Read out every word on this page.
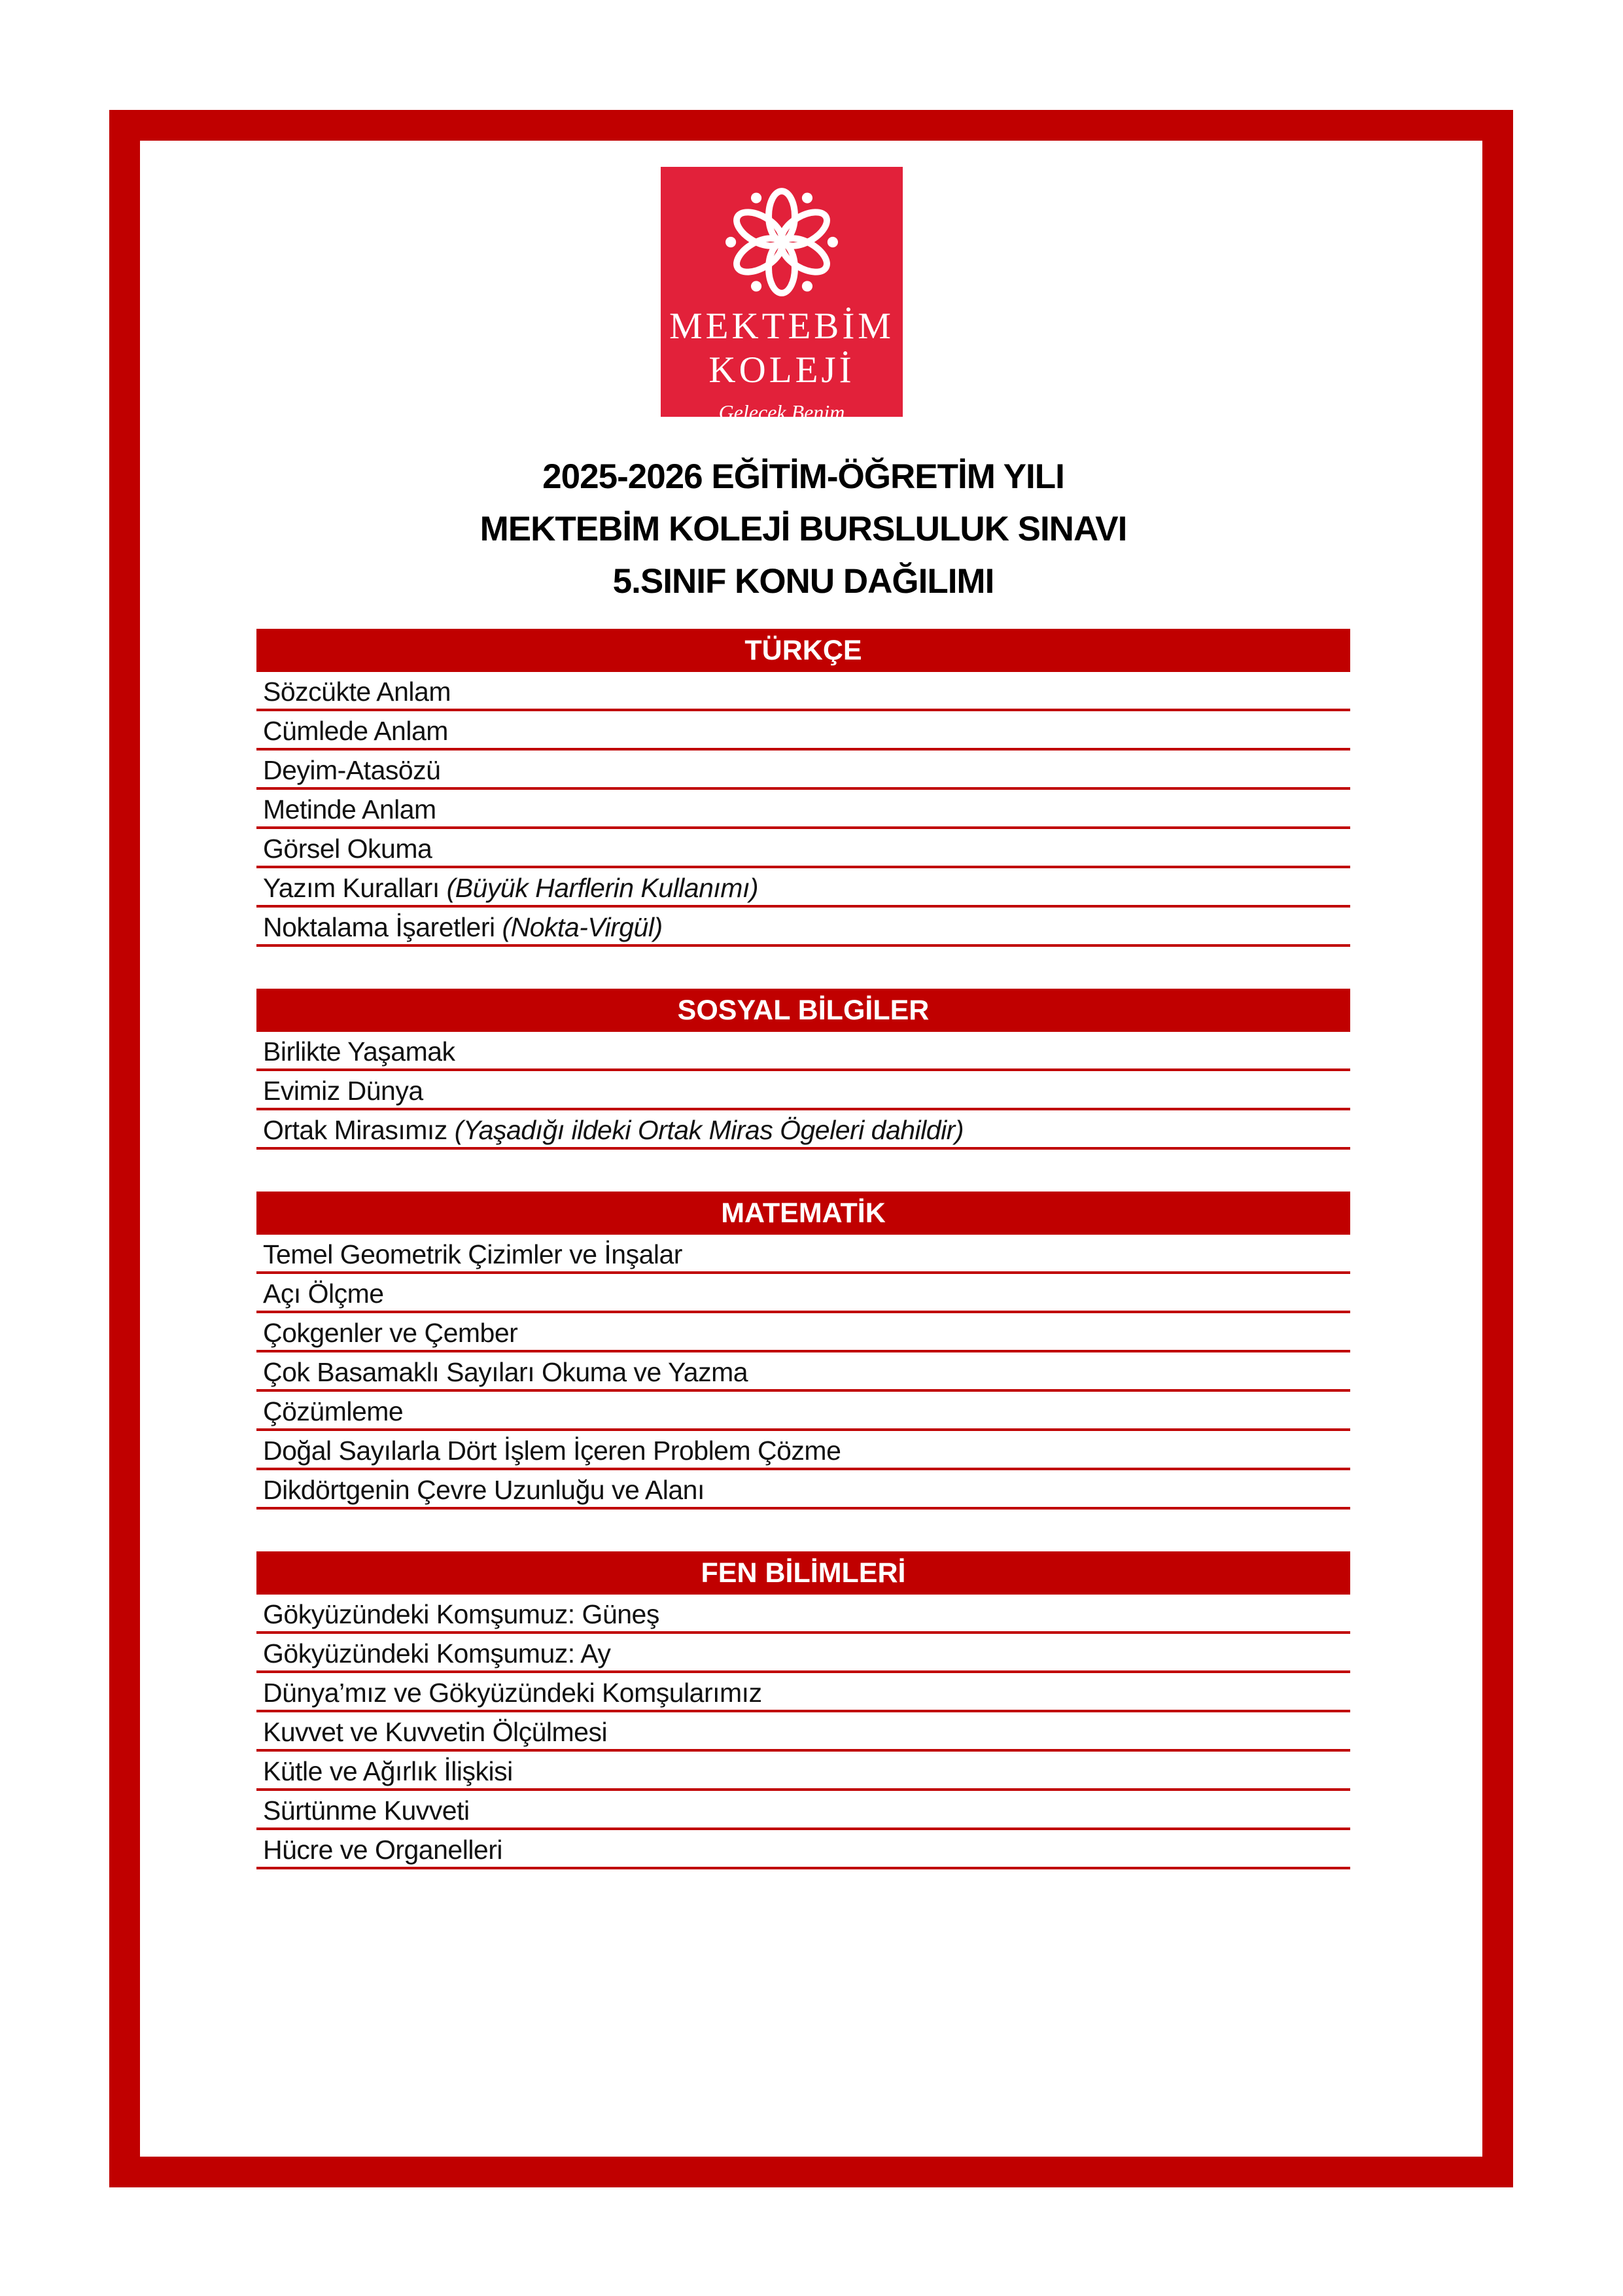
MEKTEBİM
KOLEJİ
Gelecek Benim
2025-2026 EĞİTİM-ÖĞRETİM YILI
MEKTEBİM KOLEJİ BURSLULUK SINAVI
5.SINIF KONU DAĞILIMI
TÜRKÇE
Sözcükte Anlam
Cümlede Anlam
Deyim-Atasözü
Metinde Anlam
Görsel Okuma
Yazım Kuralları (Büyük Harflerin Kullanımı)
Noktalama İşaretleri (Nokta-Virgül)
SOSYAL BİLGİLER
Birlikte Yaşamak
Evimiz Dünya
Ortak Mirasımız (Yaşadığı ildeki Ortak Miras Ögeleri dahildir)
MATEMATİK
Temel Geometrik Çizimler ve İnşalar
Açı Ölçme
Çokgenler ve Çember
Çok Basamaklı Sayıları Okuma ve Yazma
Çözümleme
Doğal Sayılarla Dört İşlem İçeren Problem Çözme
Dikdörtgenin Çevre Uzunluğu ve Alanı
FEN BİLİMLERİ
Gökyüzündeki Komşumuz: Güneş
Gökyüzündeki Komşumuz: Ay
Dünya’mız ve Gökyüzündeki Komşularımız
Kuvvet ve Kuvvetin Ölçülmesi
Kütle ve Ağırlık İlişkisi
Sürtünme Kuvveti
Hücre ve Organelleri
